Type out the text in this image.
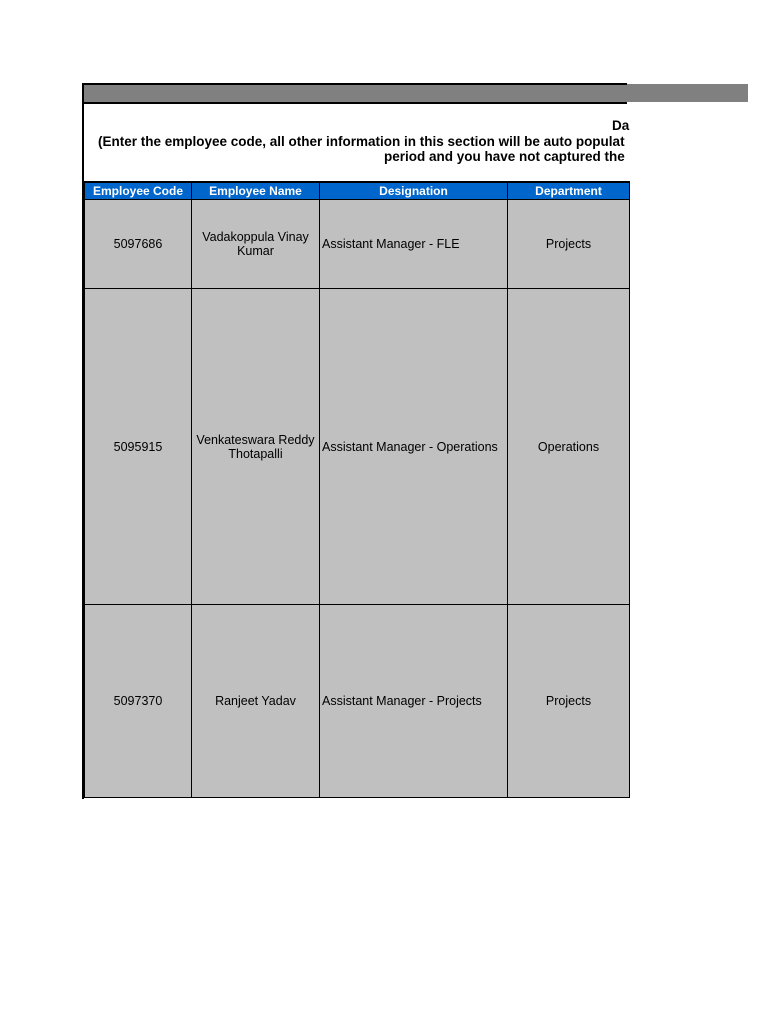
Da
(Enter the employee code, all other information in this section will be auto populat
period and you have not captured the
Employee Code	Employee Name	Designation	Department
5097686	Vadakoppula Vinay Kumar	Assistant Manager - FLE	Projects
5095915	Venkateswara Reddy Thotapalli	Assistant Manager - Operations	Operations
5097370	Ranjeet Yadav	Assistant Manager - Projects	Projects
